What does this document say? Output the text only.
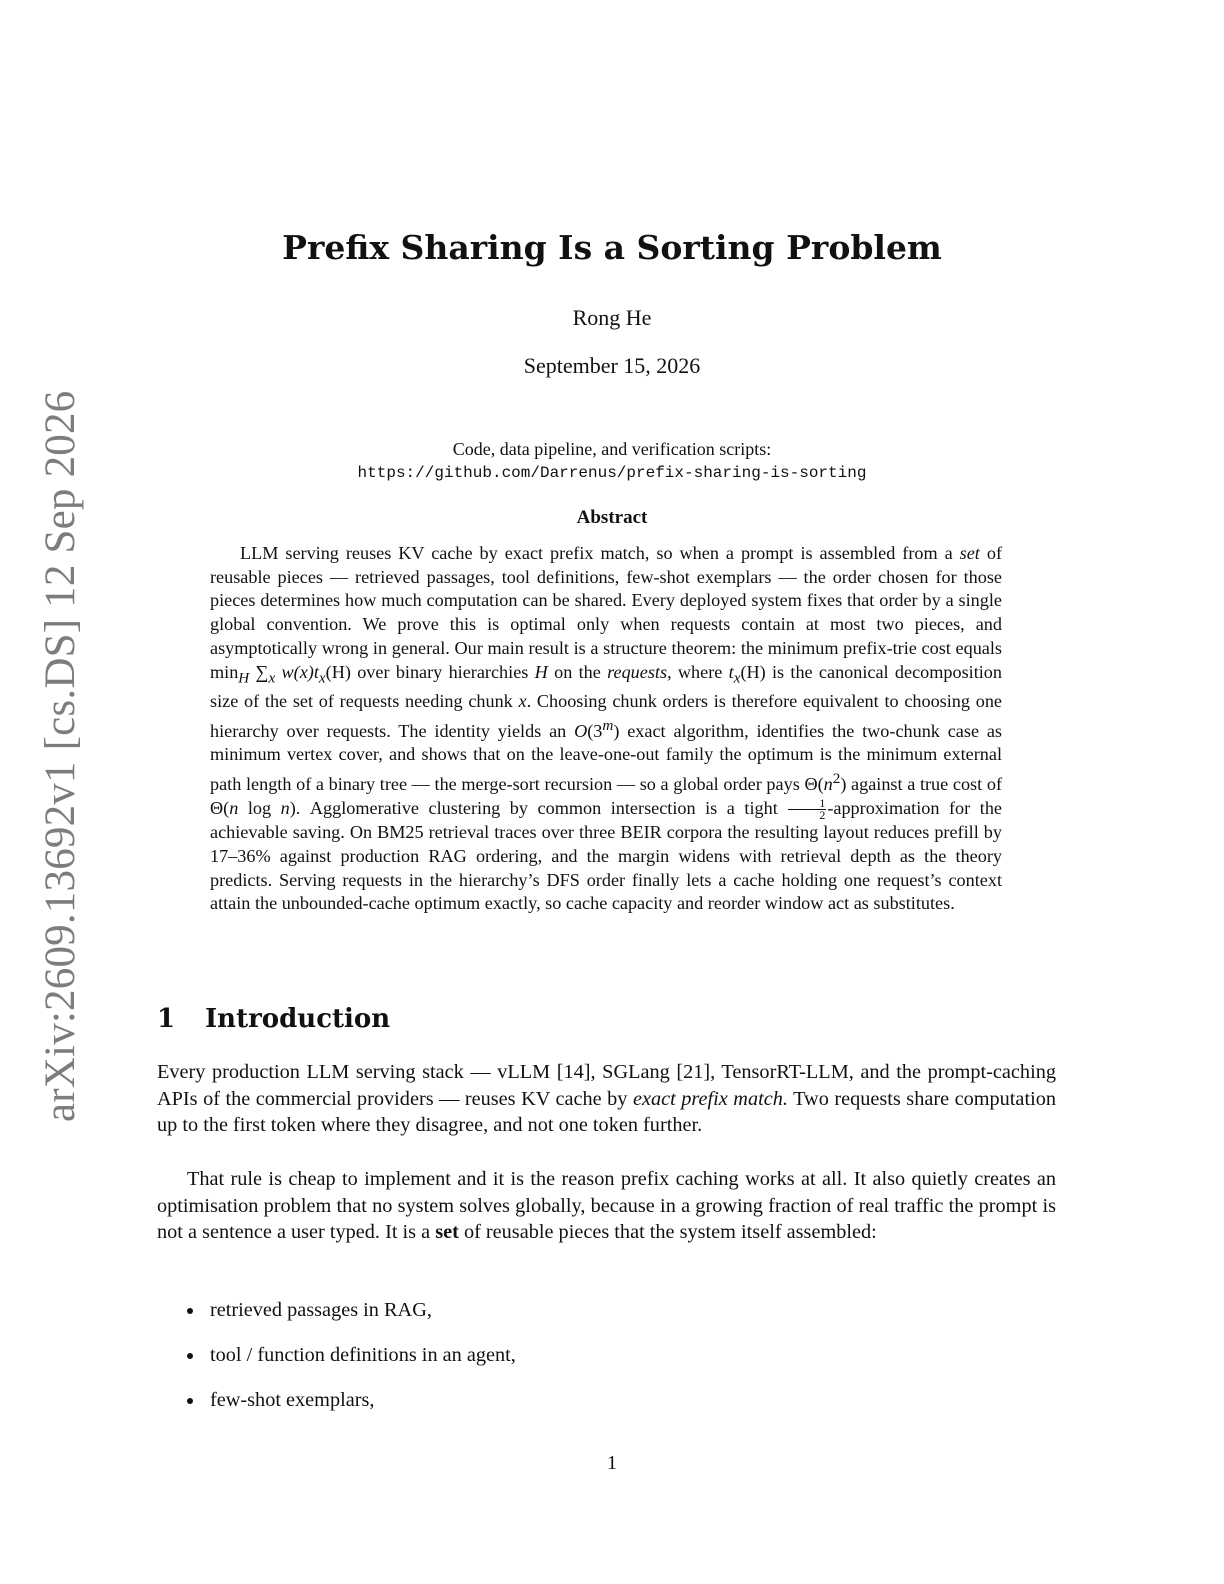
arXiv:2609.13692v1 [cs.DS] 12 Sep 2026
Prefix Sharing Is a Sorting Problem
Rong He
September 15, 2026
Code, data pipeline, and verification scripts:
https://github.com/Darrenus/prefix-sharing-is-sorting
Abstract

LLM serving reuses KV cache by exact prefix match, so when a prompt is assembled from a set of reusable pieces — retrieved passages, tool definitions, few-shot exemplars — the order chosen for those pieces determines how much computation can be shared. Every deployed system fixes that order by a single global convention. We prove this is optimal only when requests contain at most two pieces, and asymptotically wrong in general. Our main result is a structure theorem: the minimum prefix-trie cost equals $\min_H \sum_x$ $w(x)t_x(H)$ over binary hierarchies H on the requests, where $t_x(H)$ is the canonical decomposition size of the set of requests needing chunk x. Choosing chunk orders is therefore equivalent to choosing one hierarchy over requests. The identity yields an O(3$^m$) exact algorithm, identifies the two-chunk case as minimum vertex cover, and shows that on the leave-one-out family the optimum is the minimum external path length of a binary tree — the merge-sort recursion — so a global order pays $\Theta(n^2)$ against a true cost of Θ(n log n). Agglomerative clustering by common intersection is a tight $\frac{1}{2}$ -approximation for the achievable saving. On BM25 retrieval traces over three BEIR corpora the resulting layout reduces prefill by 17–36% against production RAG ordering, and the margin widens with retrieval depth as the theory predicts. Serving requests in the hierarchy’s DFS order finally lets a cache holding one request’s context attain the unbounded-cache optimum exactly, so cache capacity and reorder window act as substitutes.

1 Introduction

Every production LLM serving stack — vLLM [14], SGLang [21], TensorRT-LLM, and the prompt-caching APIs of the commercial providers — reuses KV cache by exact prefix match. Two requests share computation up to the first token where they disagree, and not one token further.

That rule is cheap to implement and it is the reason prefix caching works at all. It also quietly creates an optimisation problem that no system solves globally, because in a growing fraction of real traffic the prompt is not a sentence a user typed. It is a set of reusable pieces that the system itself assembled:

retrieved passages in RAG,
tool / function definitions in an agent,
few-shot exemplars,
1
